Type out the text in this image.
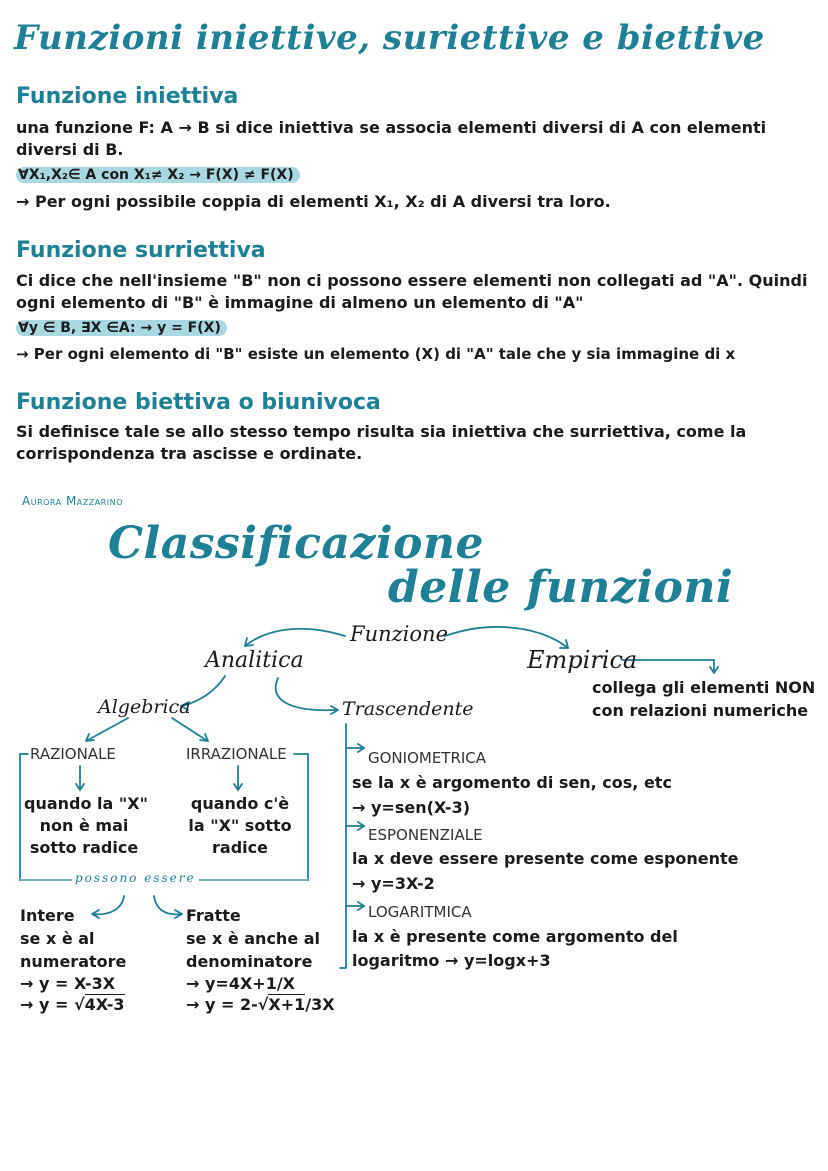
Funzioni iniettive, suriettive e biettive
Funzione iniettiva
una funzione F: A → B si dice iniettiva se associa elementi diversi di A con elementi
diversi di B.
∀X₁,X₂∈ A con X₁≠ X₂ → F(X) ≠ F(X)
→ Per ogni possibile coppia di elementi X₁, X₂ di A diversi tra loro.
Funzione surriettiva
Ci dice che nell'insieme "B" non ci possono essere elementi non collegati ad "A". Quindi
ogni elemento di "B" è immagine di almeno un elemento di "A"
∀y ∈ B, ∃X ∈A: → y = F(X)
→ Per ogni elemento di "B" esiste un elemento (X) di "A" tale che y sia immagine di x
Funzione biettiva o biunivoca
Si definisce tale se allo stesso tempo risulta sia iniettiva che surriettiva, come la
corrispondenza tra ascisse e ordinate.
Aurora Mazzarino
Classificazione
delle funzioni
Funzione
Analitica	Empirica
collega gli elementi NON
con relazioni numeriche
Algebrica	Trascendente
RAZIONALE	IRRAZIONALE
quando la "X"
non è mai
sotto radice
quando c'è
la "X" sotto
radice
possono essere
Intere
se x è al
numeratore
→ y = X-3X
→ y = √4X-3
Fratte
se x è anche al
denominatore
→ y=4X+1/X
→ y = 2-√X+1/3X
GONIOMETRICA
se la x è argomento di sen, cos, etc
→ y=sen(X-3)
ESPONENZIALE
la x deve essere presente come esponente
→ y=3X-2
LOGARITMICA
la x è presente come argomento del
logaritmo → y=logx+3
